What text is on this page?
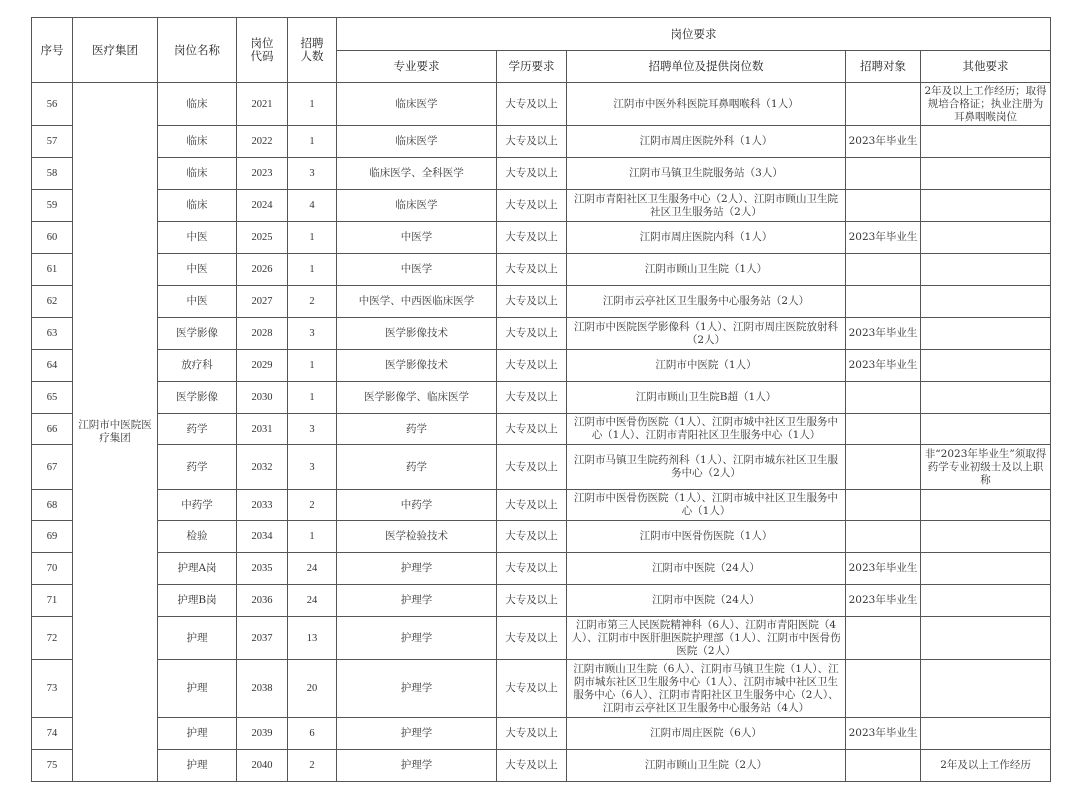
序号	医疗集团	岗位名称	岗位代码	招聘人数	岗位要求				
					专业要求	学历要求	招聘单位及提供岗位数	招聘对象	其他要求
56	江阴市中医院医疗集团	临床	2021	1	临床医学	大专及以上	江阴市中医外科医院耳鼻咽喉科（1人）		2年及以上工作经历；取得规培合格证；执业注册为耳鼻咽喉岗位
57		临床	2022	1	临床医学	大专及以上	江阴市周庄医院外科（1人）	2023年毕业生	
58		临床	2023	3	临床医学、全科医学	大专及以上	江阴市马镇卫生院服务站（3人）		
59		临床	2024	4	临床医学	大专及以上	江阴市青阳社区卫生服务中心（2人）、江阴市顾山卫生院社区卫生服务站（2人）		
60		中医	2025	1	中医学	大专及以上	江阴市周庄医院内科（1人）	2023年毕业生	
61		中医	2026	1	中医学	大专及以上	江阴市顾山卫生院（1人）		
62		中医	2027	2	中医学、中西医临床医学	大专及以上	江阴市云亭社区卫生服务中心服务站（2人）		
63		医学影像	2028	3	医学影像技术	大专及以上	江阴市中医院医学影像科（1人）、江阴市周庄医院放射科（2人）	2023年毕业生	
64		放疗科	2029	1	医学影像技术	大专及以上	江阴市中医院（1人）	2023年毕业生	
65		医学影像	2030	1	医学影像学、临床医学	大专及以上	江阴市顾山卫生院B超（1人）		
66		药学	2031	3	药学	大专及以上	江阴市中医骨伤医院（1人）、江阴市城中社区卫生服务中心（1人）、江阴市青阳社区卫生服务中心（1人）		
67		药学	2032	3	药学	大专及以上	江阴市马镇卫生院药剂科（1人）、江阴市城东社区卫生服务中心（2人）		非“2023年毕业生”须取得药学专业初级士及以上职称
68		中药学	2033	2	中药学	大专及以上	江阴市中医骨伤医院（1人）、江阴市城中社区卫生服务中心（1人）		
69		检验	2034	1	医学检验技术	大专及以上	江阴市中医骨伤医院（1人）		
70		护理A岗	2035	24	护理学	大专及以上	江阴市中医院（24人）	2023年毕业生	
71		护理B岗	2036	24	护理学	大专及以上	江阴市中医院（24人）	2023年毕业生	
72		护理	2037	13	护理学	大专及以上	江阴市第三人民医院精神科（6人）、江阴市青阳医院（4人）、江阴市中医肝胆医院护理部（1人）、江阴市中医骨伤医院（2人）		
73		护理	2038	20	护理学	大专及以上	江阴市顾山卫生院（6人）、江阴市马镇卫生院（1人）、江阴市城东社区卫生服务中心（1人）、江阴市城中社区卫生服务中心（6人）、江阴市青阳社区卫生服务中心（2人）、江阴市云亭社区卫生服务中心服务站（4人）		
74		护理	2039	6	护理学	大专及以上	江阴市周庄医院（6人）	2023年毕业生	
75		护理	2040	2	护理学	大专及以上	江阴市顾山卫生院（2人）		2年及以上工作经历
